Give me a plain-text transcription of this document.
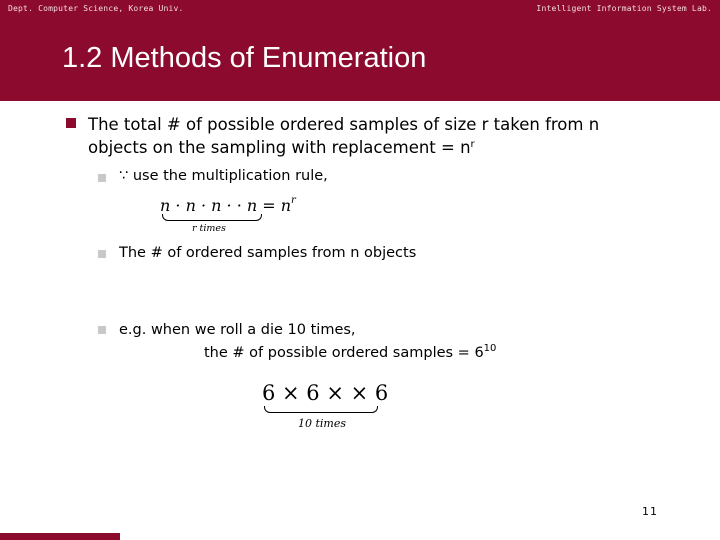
Dept. Computer Science, Korea Univ.	Intelligent Information System Lab.
1.2 Methods of Enumeration
The total # of possible ordered samples of size r taken from n
objects on the sampling with replacement = $n^r$
∵ use the multiplication rule,
n · n · n · · $n = n^r$
r times
The # of ordered samples from n objects
e.g. when we roll a die 10 times,
the # of possible ordered samples = $6^{10}$
6 × 6 × × 6
10 times
11
